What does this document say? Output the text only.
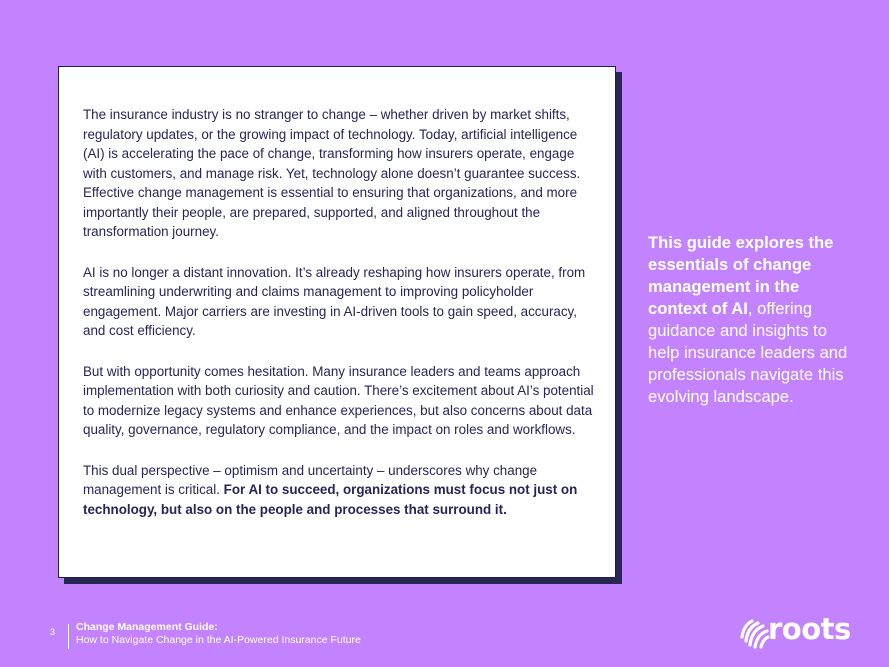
The insurance industry is no stranger to change – whether driven by market shifts, regulatory updates, or the growing impact of technology. Today, artificial intelligence (AI) is accelerating the pace of change, transforming how insurers operate, engage with customers, and manage risk. Yet, technology alone doesn’t guarantee success. Effective change management is essential to ensuring that organizations, and more importantly their people, are prepared, supported, and aligned throughout the transformation journey.

AI is no longer a distant innovation. It’s already reshaping how insurers operate, from streamlining underwriting and claims management to improving policyholder engagement. Major carriers are investing in AI-driven tools to gain speed, accuracy, and cost efficiency.

But with opportunity comes hesitation. Many insurance leaders and teams approach implementation with both curiosity and caution. There’s excitement about AI’s potential to modernize legacy systems and enhance experiences, but also concerns about data quality, governance, regulatory compliance, and the impact on roles and workflows.

This dual perspective – optimism and uncertainty – underscores why change management is critical. For AI to succeed, organizations must focus not just on technology, but also on the people and processes that surround it.

This guide explores the essentials of change management in the context of AI, offering guidance and insights to help insurance leaders and professionals navigate this evolving landscape.
3 Change Management Guide:
How to Navigate Change in the AI-Powered Insurance Future	roots
